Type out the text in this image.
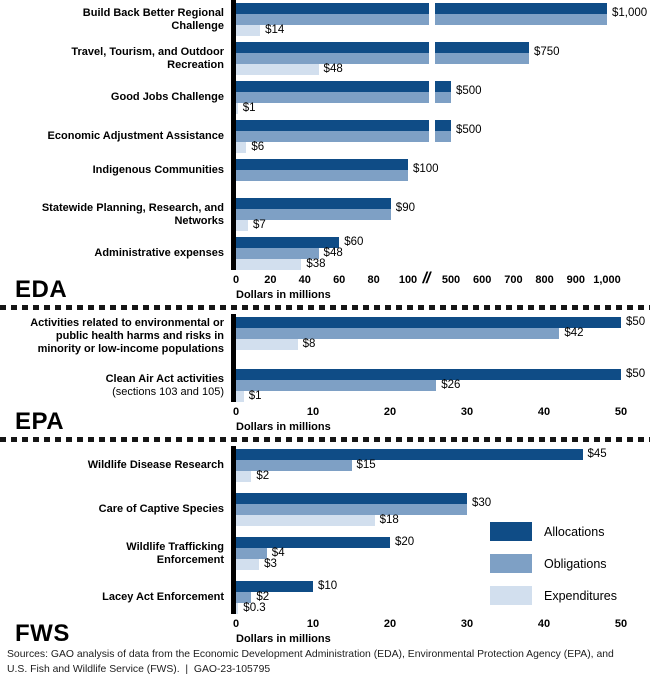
Build Back Better Regional
Challenge
$1,000
$14
Travel, Tourism, and Outdoor
Recreation
$750
$48
Good Jobs Challenge	$500
$1
Economic Adjustment Assistance	$500
$6
Indigenous Communities	$100
Statewide Planning, Research, and
Networks
$90
$7
Administrative expenses
$60
$48
$38
0 20 40 60 80 100 500 600 700 800 900 1,000
//
Dollars in millions
EDA
Activities related to environmental or
public health harms and risks in
minority or low-income populations
$50
$42
$8
Clean Air Act activities
(sections 103 and 105)
$50
$26
$1
0	10	20	30	40	50
Dollars in millions
EPA
Wildlife Disease Research
$45
$15
$2
Care of Captive Species	$30
$18
Wildlife Trafficking
Enforcement
$20
$4
$3
Lacey Act Enforcement
$10
$2
$0.3
0	10	20	30	40	50
Dollars in millions
FWS
Allocations
Obligations
Expenditures
Sources: GAO analysis of data from the Economic Development Administration (EDA), Environmental Protection Agency (EPA), and
U.S. Fish and Wildlife Service (FWS).  |  GAO-23-105795
